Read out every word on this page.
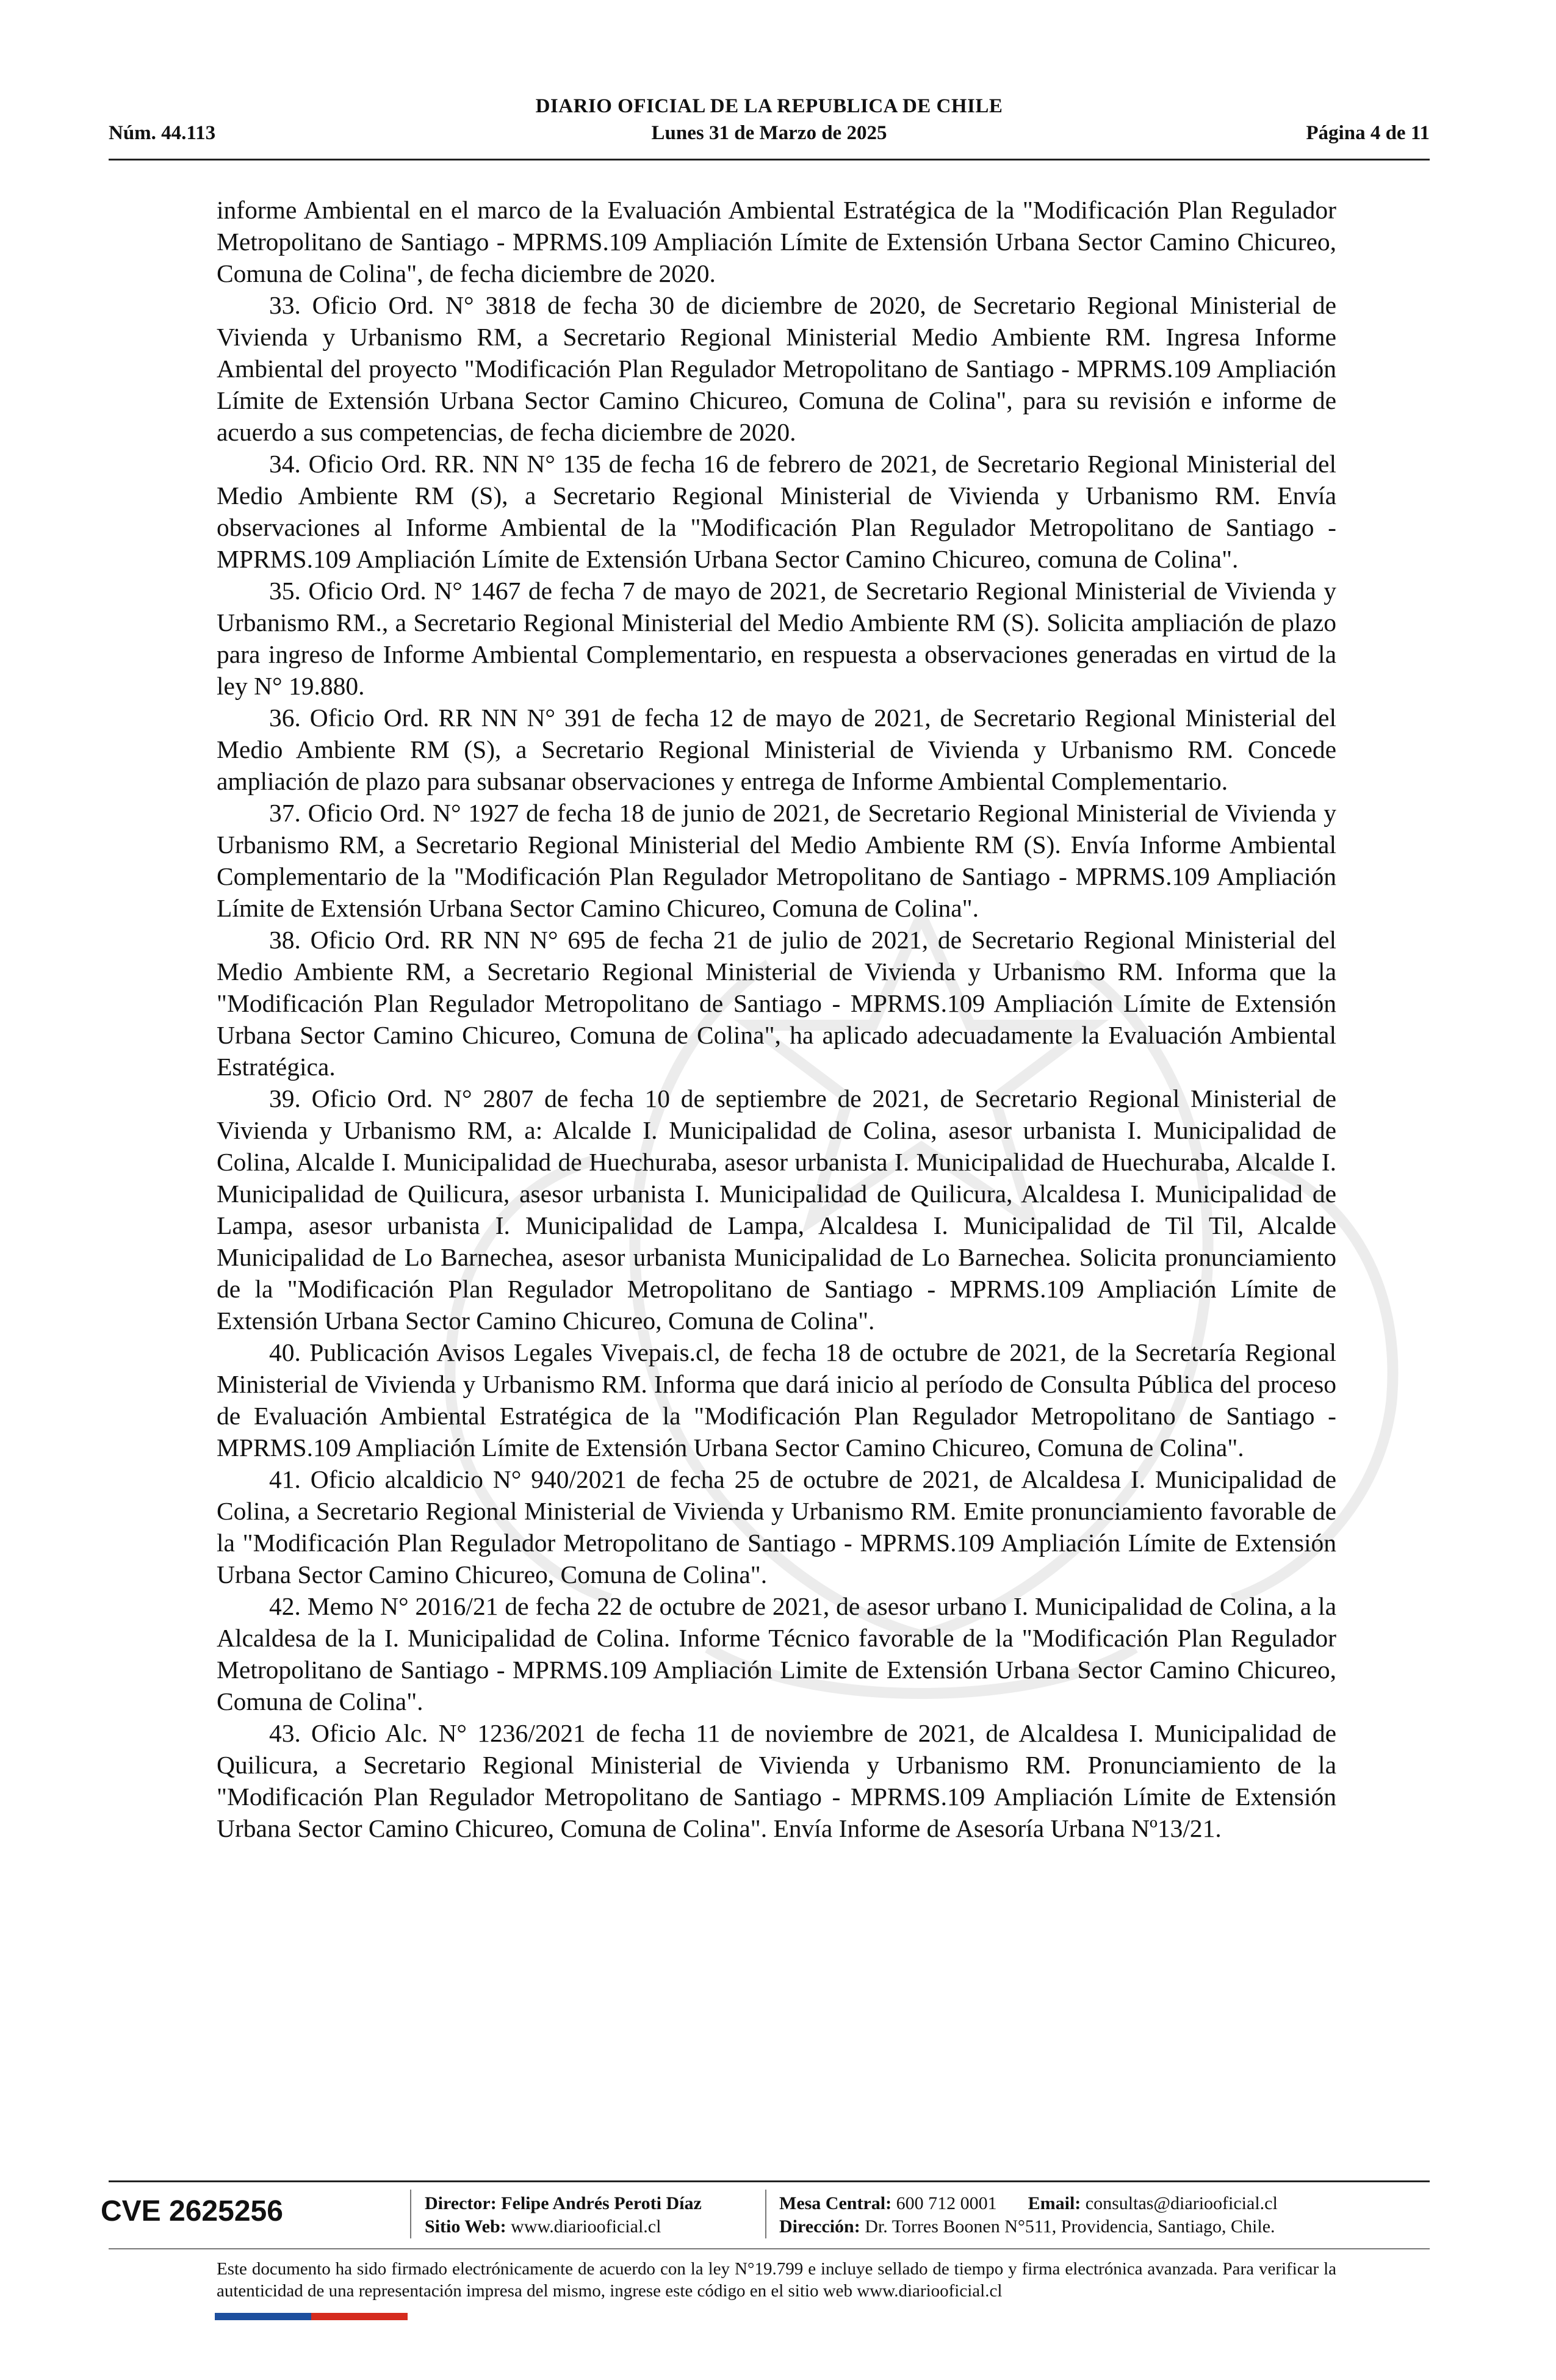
DIARIO OFICIAL DE LA REPUBLICA DE CHILE
Núm. 44.113	Lunes 31 de Marzo de 2025	Página 4 de 11

informe Ambiental en el marco de la Evaluación Ambiental Estratégica de la "Modificación Plan Regulador Metropolitano de Santiago - MPRMS.109 Ampliación Límite de Extensión Urbana Sector Camino Chicureo, Comuna de Colina", de fecha diciembre de 2020.

33. Oficio Ord. N° 3818 de fecha 30 de diciembre de 2020, de Secretario Regional Ministerial de Vivienda y Urbanismo RM, a Secretario Regional Ministerial Medio Ambiente RM. Ingresa Informe Ambiental del proyecto "Modificación Plan Regulador Metropolitano de Santiago - MPRMS.109 Ampliación Límite de Extensión Urbana Sector Camino Chicureo, Comuna de Colina", para su revisión e informe de acuerdo a sus competencias, de fecha diciembre de 2020.

34. Oficio Ord. RR. NN N° 135 de fecha 16 de febrero de 2021, de Secretario Regional Ministerial del Medio Ambiente RM (S), a Secretario Regional Ministerial de Vivienda y Urbanismo RM. Envía observaciones al Informe Ambiental de la "Modificación Plan Regulador Metropolitano de Santiago - MPRMS.109 Ampliación Límite de Extensión Urbana Sector Camino Chicureo, comuna de Colina".

35. Oficio Ord. N° 1467 de fecha 7 de mayo de 2021, de Secretario Regional Ministerial de Vivienda y Urbanismo RM., a Secretario Regional Ministerial del Medio Ambiente RM (S). Solicita ampliación de plazo para ingreso de Informe Ambiental Complementario, en respuesta a observaciones generadas en virtud de la ley N° 19.880.

36. Oficio Ord. RR NN N° 391 de fecha 12 de mayo de 2021, de Secretario Regional Ministerial del Medio Ambiente RM (S), a Secretario Regional Ministerial de Vivienda y Urbanismo RM. Concede ampliación de plazo para subsanar observaciones y entrega de Informe Ambiental Complementario.

37. Oficio Ord. N° 1927 de fecha 18 de junio de 2021, de Secretario Regional Ministerial de Vivienda y Urbanismo RM, a Secretario Regional Ministerial del Medio Ambiente RM (S). Envía Informe Ambiental Complementario de la "Modificación Plan Regulador Metropolitano de Santiago - MPRMS.109 Ampliación Límite de Extensión Urbana Sector Camino Chicureo, Comuna de Colina".

38. Oficio Ord. RR NN N° 695 de fecha 21 de julio de 2021, de Secretario Regional Ministerial del Medio Ambiente RM, a Secretario Regional Ministerial de Vivienda y Urbanismo RM. Informa que la "Modificación Plan Regulador Metropolitano de Santiago - MPRMS.109 Ampliación Límite de Extensión Urbana Sector Camino Chicureo, Comuna de Colina", ha aplicado adecuadamente la Evaluación Ambiental Estratégica.

39. Oficio Ord. N° 2807 de fecha 10 de septiembre de 2021, de Secretario Regional Ministerial de Vivienda y Urbanismo RM, a: Alcalde I. Municipalidad de Colina, asesor urbanista I. Municipalidad de Colina, Alcalde I. Municipalidad de Huechuraba, asesor urbanista I. Municipalidad de Huechuraba, Alcalde I. Municipalidad de Quilicura, asesor urbanista I. Municipalidad de Quilicura, Alcaldesa I. Municipalidad de Lampa, asesor urbanista I. Municipalidad de Lampa, Alcaldesa I. Municipalidad de Til Til, Alcalde Municipalidad de Lo Barnechea, asesor urbanista Municipalidad de Lo Barnechea. Solicita pronunciamiento de la "Modificación Plan Regulador Metropolitano de Santiago - MPRMS.109 Ampliación Límite de Extensión Urbana Sector Camino Chicureo, Comuna de Colina".

40. Publicación Avisos Legales Vivepais.cl, de fecha 18 de octubre de 2021, de la Secretaría Regional Ministerial de Vivienda y Urbanismo RM. Informa que dará inicio al período de Consulta Pública del proceso de Evaluación Ambiental Estratégica de la "Modificación Plan Regulador Metropolitano de Santiago - MPRMS.109 Ampliación Límite de Extensión Urbana Sector Camino Chicureo, Comuna de Colina".

41. Oficio alcaldicio N° 940/2021 de fecha 25 de octubre de 2021, de Alcaldesa I. Municipalidad de Colina, a Secretario Regional Ministerial de Vivienda y Urbanismo RM. Emite pronunciamiento favorable de la "Modificación Plan Regulador Metropolitano de Santiago - MPRMS.109 Ampliación Límite de Extensión Urbana Sector Camino Chicureo, Comuna de Colina".

42. Memo N° 2016/21 de fecha 22 de octubre de 2021, de asesor urbano I. Municipalidad de Colina, a la Alcaldesa de la I. Municipalidad de Colina. Informe Técnico favorable de la "Modificación Plan Regulador Metropolitano de Santiago - MPRMS.109 Ampliación Limite de Extensión Urbana Sector Camino Chicureo, Comuna de Colina".

43. Oficio Alc. N° 1236/2021 de fecha 11 de noviembre de 2021, de Alcaldesa I. Municipalidad de Quilicura, a Secretario Regional Ministerial de Vivienda y Urbanismo RM. Pronunciamiento de la "Modificación Plan Regulador Metropolitano de Santiago - MPRMS.109 Ampliación Límite de Extensión Urbana Sector Camino Chicureo, Comuna de Colina". Envía Informe de Asesoría Urbana Nº13/21.

CVE 2625256	Director: Felipe Andrés Peroti Díaz
Sitio Web: www.diariooficial.cl
Mesa Central: 600 712 0001 Email: consultas@diariooficial.cl
Dirección: Dr. Torres Boonen N°511, Providencia, Santiago, Chile.
Este documento ha sido firmado electrónicamente de acuerdo con la ley N°19.799 e incluye sellado de tiempo y firma electrónica avanzada. Para verificar la autenticidad de una representación impresa del mismo, ingrese este código en el sitio web www.diariooficial.cl
